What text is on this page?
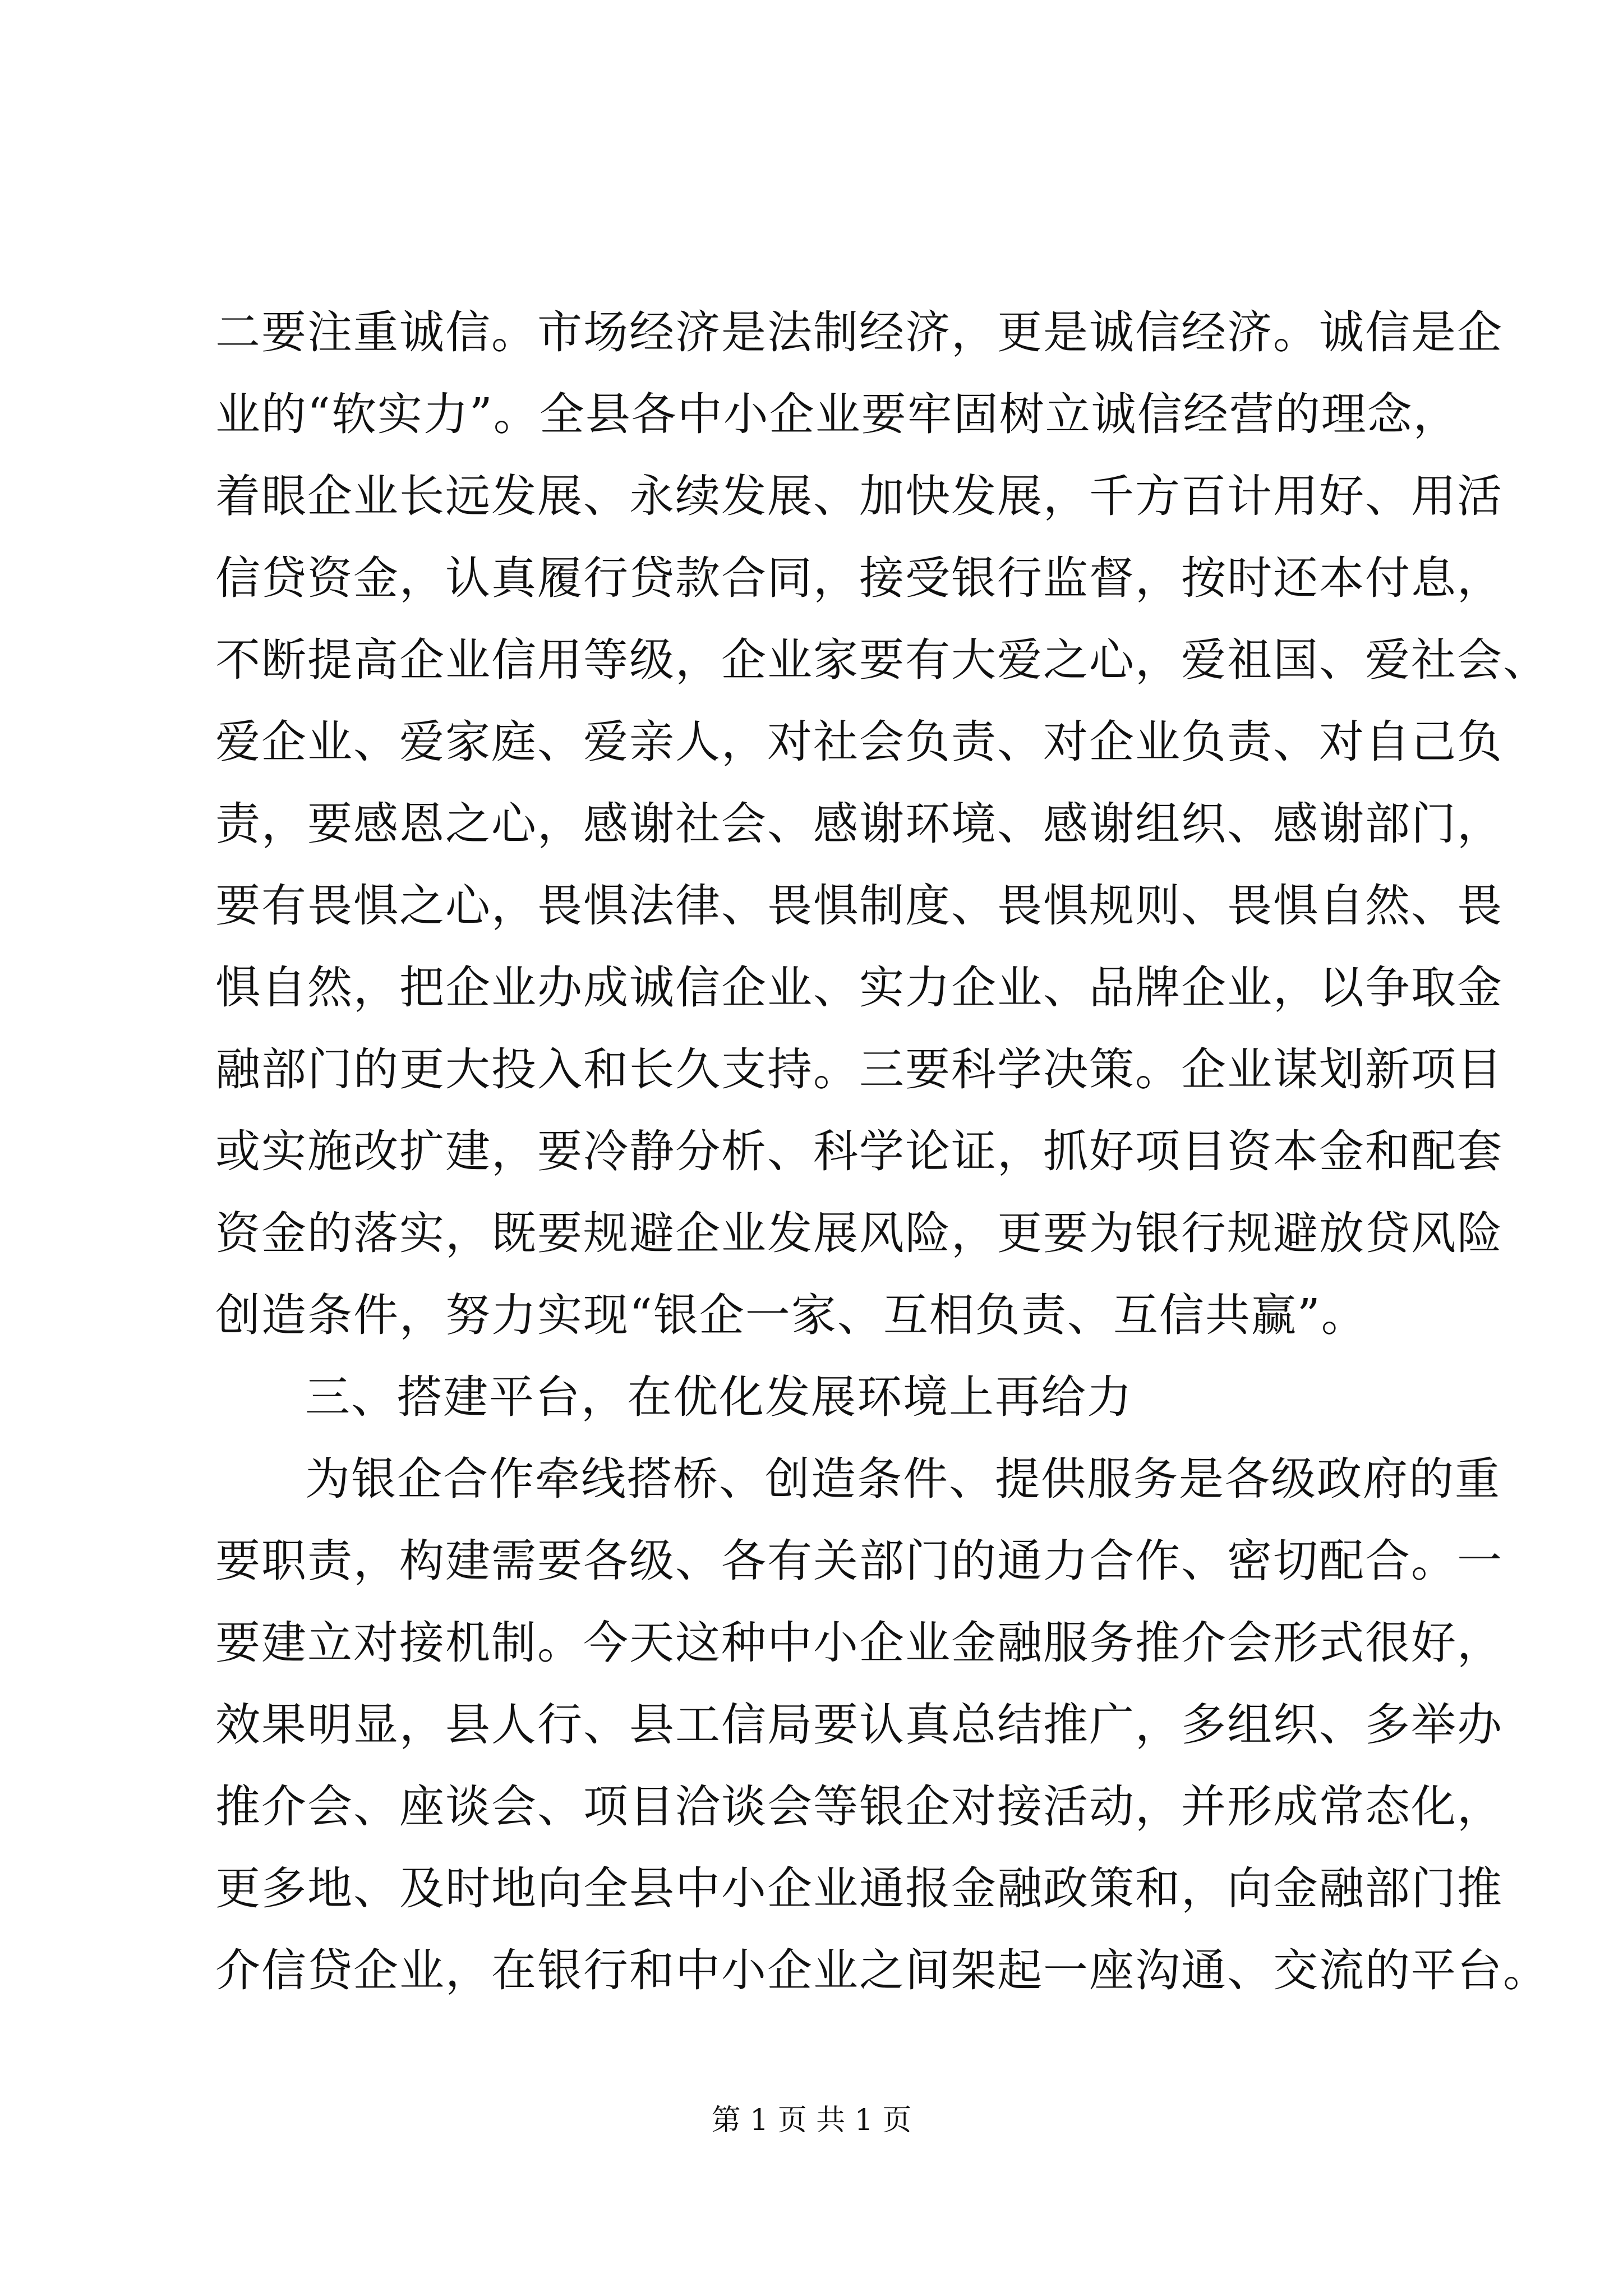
二要注重诚信。市场经济是法制经济，更是诚信经济。诚信是企
业的“软实力”。全县各中小企业要牢固树立诚信经营的理念，
着眼企业长远发展、永续发展、加快发展，千方百计用好、用活
信贷资金，认真履行贷款合同，接受银行监督，按时还本付息，
不断提高企业信用等级，企业家要有大爱之心，爱祖国、爱社会、
爱企业、爱家庭、爱亲人，对社会负责、对企业负责、对自己负
责，要感恩之心，感谢社会、感谢环境、感谢组织、感谢部门，
要有畏惧之心，畏惧法律、畏惧制度、畏惧规则、畏惧自然、畏
惧自然，把企业办成诚信企业、实力企业、品牌企业，以争取金
融部门的更大投入和长久支持。三要科学决策。企业谋划新项目
或实施改扩建，要冷静分析、科学论证，抓好项目资本金和配套
资金的落实，既要规避企业发展风险，更要为银行规避放贷风险
创造条件，努力实现“银企一家、互相负责、互信共赢”。
三、搭建平台，在优化发展环境上再给力
为银企合作牵线搭桥、创造条件、提供服务是各级政府的重
要职责，构建需要各级、各有关部门的通力合作、密切配合。一
要建立对接机制。今天这种中小企业金融服务推介会形式很好，
效果明显，县人行、县工信局要认真总结推广，多组织、多举办
推介会、座谈会、项目洽谈会等银企对接活动，并形成常态化，
更多地、及时地向全县中小企业通报金融政策和，向金融部门推
介信贷企业，在银行和中小企业之间架起一座沟通、交流的平台。
第 1 页 共 1 页
